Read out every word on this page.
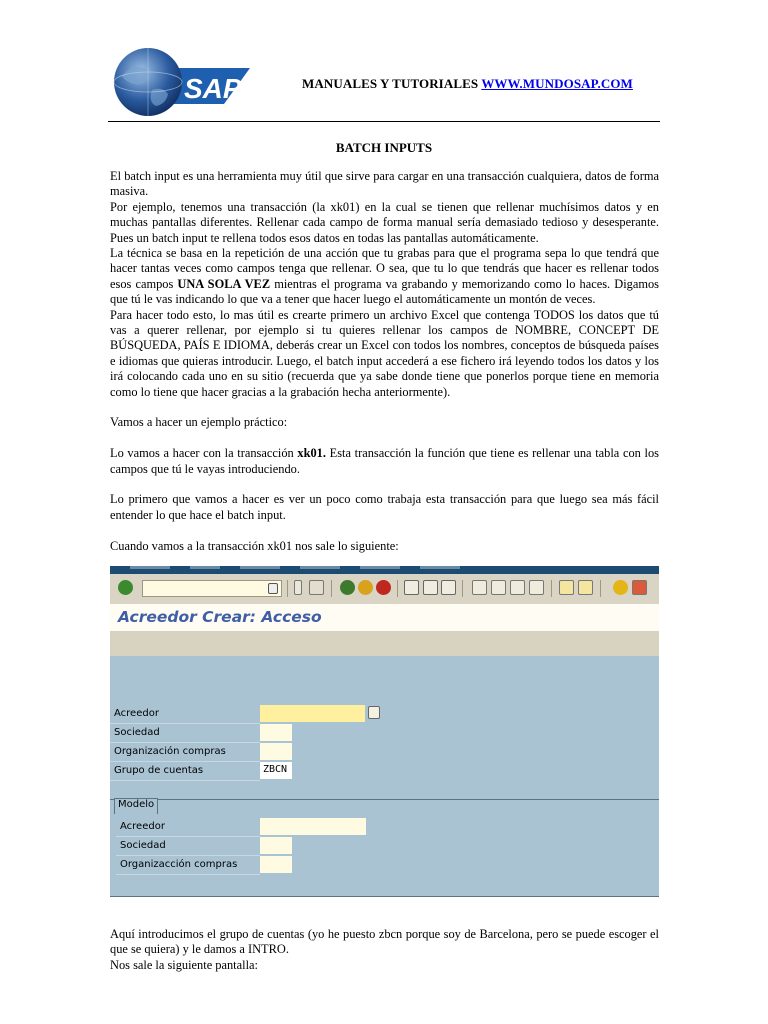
SAP	MANUALES Y TUTORIALES WWW.MUNDOSAP.COM
BATCH INPUTS

El batch input es una herramienta muy útil que sirve para cargar en una transacción cualquiera, datos de forma masiva.

Por ejemplo, tenemos una transacción (la xk01) en la cual se tienen que rellenar muchísimos datos y en muchas pantallas diferentes. Rellenar cada campo de forma manual sería demasiado tedioso y desesperante. Pues un batch input te rellena todos esos datos en todas las pantallas automáticamente.

La técnica se basa en la repetición de una acción que tu grabas para que el programa sepa lo que tendrá que hacer tantas veces como campos tenga que rellenar. O sea, que tu lo que tendrás que hacer es rellenar todos esos campos UNA SOLA VEZ mientras el programa va grabando y memorizando como lo haces. Digamos que tú le vas indicando lo que va a tener que hacer luego el automáticamente un montón de veces.

Para hacer todo esto, lo mas útil es crearte primero un archivo Excel que contenga TODOS los datos que tú vas a querer rellenar, por ejemplo si tu quieres rellenar los campos de NOMBRE, CONCEPT DE BÚSQUEDA, PAÍS E IDIOMA, deberás crear un Excel con todos los nombres, conceptos de búsqueda países e idiomas que quieras introducir. Luego, el batch input accederá a ese fichero irá leyendo todos los datos y los irá colocando cada uno en su sitio (recuerda que ya sabe donde tiene que ponerlos porque tiene en memoria como lo tiene que hacer gracias a la grabación hecha anteriormente).

Vamos a hacer un ejemplo práctico:

Lo vamos a hacer con la transacción xk01. Esta transacción la función que tiene es rellenar una tabla con los campos que tú le vayas introduciendo.

Lo primero que vamos a hacer es ver un poco como trabaja esta transacción para que luego sea más fácil entender lo que hace el batch input.

Cuando vamos a la transacción xk01 nos sale lo siguiente:

Acreedor Crear: Acceso
Acreedor
Sociedad
Organización compras
Grupo de cuentas	ZBCN
Modelo
Acreedor
Sociedad
Organizacción compras

Aquí introducimos el grupo de cuentas (yo he puesto zbcn porque soy de Barcelona, pero se puede escoger el que se quiera) y le damos a INTRO.

Nos sale la siguiente pantalla:
